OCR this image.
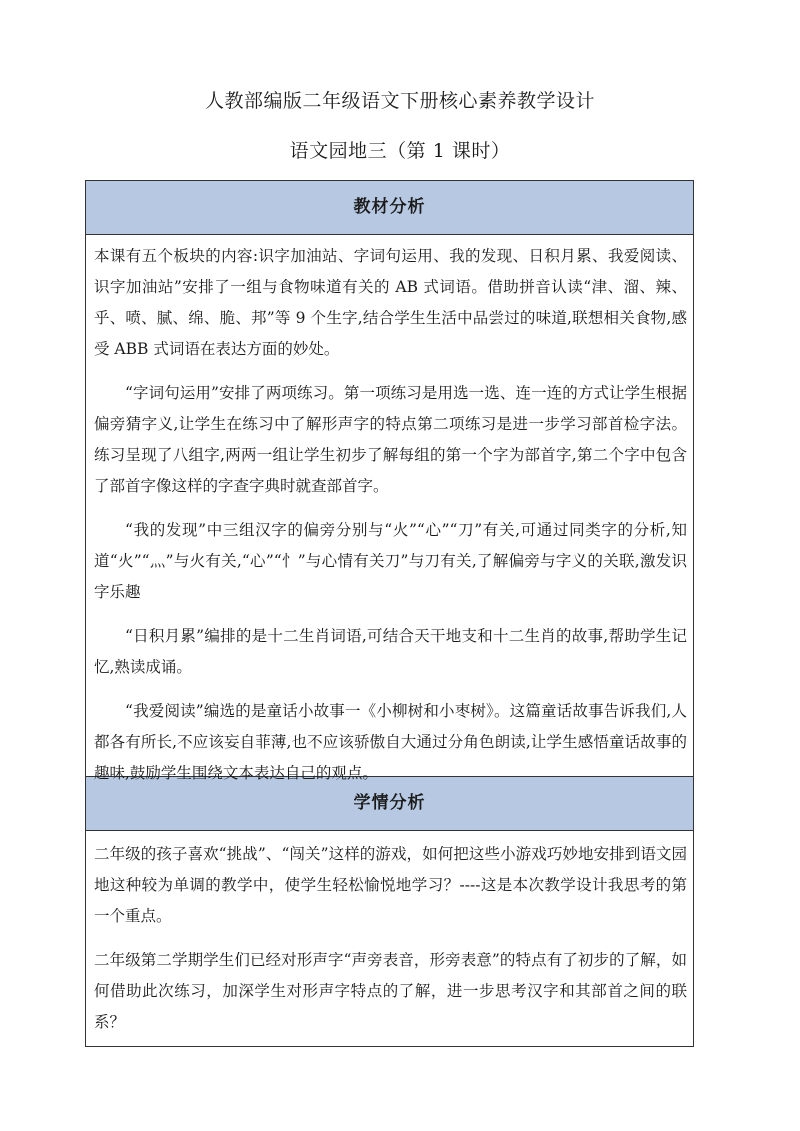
人教部编版二年级语文下册核心素养教学设计
语文园地三（第 1 课时）
教材分析

本课有五个板块的内容:识字加油站、字词句运用、我的发现、日积月累、我爱阅读、识字加油站”安排了一组与食物味道有关的 AB 式词语。借助拼音认读“津、溜、辣、乎、喷、腻、绵、脆、邦”等 9 个生字,结合学生生活中品尝过的味道,联想相关食物,感受 ABB 式词语在表达方面的妙处。

“字词句运用”安排了两项练习。第一项练习是用选一选、连一连的方式让学生根据偏旁猜字义,让学生在练习中了解形声字的特点第二项练习是进一步学习部首检字法。练习呈现了八组字,两两一组让学生初步了解每组的第一个字为部首字,第二个字中包含了部首字像这样的字查字典时就查部首字。

“我的发现”中三组汉字的偏旁分别与“火”“心”“刀”有关,可通过同类字的分析,知道“火”“灬”与火有关,“心”“忄”与心情有关刀”与刀有关,了解偏旁与字义的关联,激发识字乐趣

“日积月累”编排的是十二生肖词语,可结合天干地支和十二生肖的故事,帮助学生记忆,熟读成诵。

“我爱阅读”编选的是童话小故事一《小柳树和小枣树》。这篇童话故事告诉我们,人都各有所长,不应该妄自菲薄,也不应该骄傲自大通过分角色朗读,让学生感悟童话故事的趣味,鼓励学生围绕文本表达自己的观点。

学情分析

二年级的孩子喜欢“挑战”、“闯关”这样的游戏，如何把这些小游戏巧妙地安排到语文园地这种较为单调的教学中，使学生轻松愉悦地学习？----这是本次教学设计我思考的第一个重点。

二年级第二学期学生们已经对形声字“声旁表音，形旁表意”的特点有了初步的了解，如何借助此次练习，加深学生对形声字特点的了解，进一步思考汉字和其部首之间的联系？
